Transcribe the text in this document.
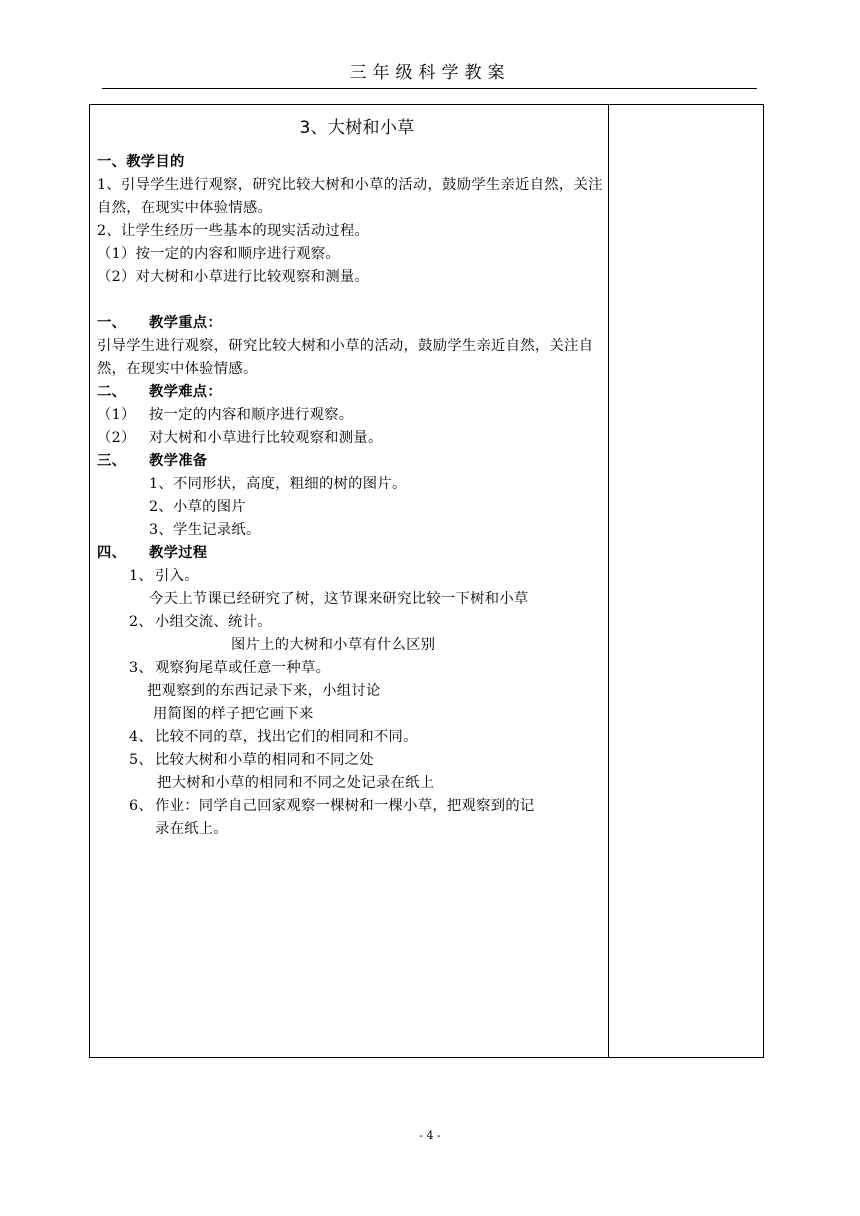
三年级科学教案
3、大树和小草
一、教学目的
1、引导学生进行观察，研究比较大树和小草的活动，鼓励学生亲近自然，关注自然，在现实中体验情感。
2、让学生经历一些基本的现实活动过程。
（1）按一定的内容和顺序进行观察。
（2）对大树和小草进行比较观察和测量。
一、 教学重点：
引导学生进行观察，研究比较大树和小草的活动，鼓励学生亲近自然，关注自然，在现实中体验情感。
二、 教学难点：
（1） 按一定的内容和顺序进行观察。
（2） 对大树和小草进行比较观察和测量。
三、 教学准备
1、不同形状，高度，粗细的树的图片。
2、小草的图片
3、学生记录纸。
四、 教学过程
1、 引入。
今天上节课已经研究了树，这节课来研究比较一下树和小草
2、 小组交流、统计。
图片上的大树和小草有什么区别
3、 观察狗尾草或任意一种草。
把观察到的东西记录下来，小组讨论
用简图的样子把它画下来
4、 比较不同的草，找出它们的相同和不同。
5、 比较大树和小草的相同和不同之处
把大树和小草的相同和不同之处记录在纸上
6、 作业：同学自己回家观察一棵树和一棵小草，把观察到的记
录在纸上。
- 4 -
